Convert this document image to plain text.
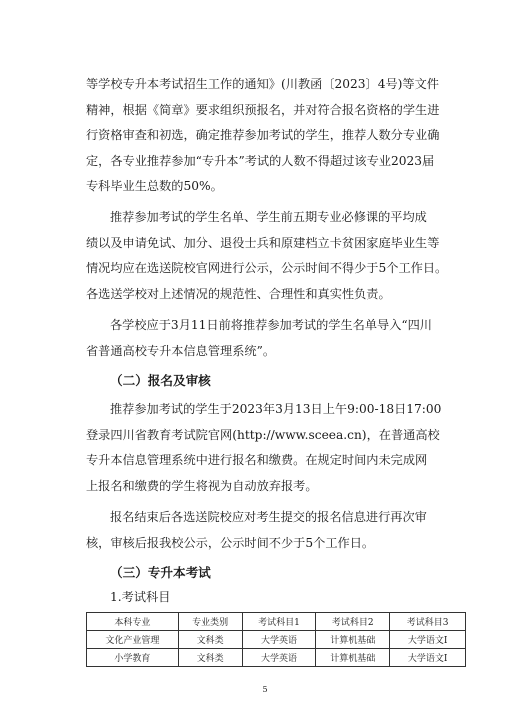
等学校专升本考试招生工作的通知》(川教函〔2023〕4号)等文件
精神，根据《简章》要求组织预报名，并对符合报名资格的学生进
行资格审查和初选，确定推荐参加考试的学生，推荐人数分专业确
定，各专业推荐参加“专升本”考试的人数不得超过该专业2023届
专科毕业生总数的50%。
推荐参加考试的学生名单、学生前五期专业必修课的平均成
绩以及申请免试、加分、退役士兵和原建档立卡贫困家庭毕业生等
情况均应在选送院校官网进行公示，公示时间不得少于5个工作日。
各选送学校对上述情况的规范性、合理性和真实性负责。
各学校应于3月11日前将推荐参加考试的学生名单导入“四川
省普通高校专升本信息管理系统”。
（二）报名及审核
推荐参加考试的学生于2023年3月13日上午9:00-18日17:00
登录四川省教育考试院官网(http://www.sceea.cn)，在普通高校
专升本信息管理系统中进行报名和缴费。在规定时间内未完成网
上报名和缴费的学生将视为自动放弃报考。
报名结束后各选送院校应对考生提交的报名信息进行再次审
核，审核后报我校公示，公示时间不少于5个工作日。
（三）专升本考试
1.考试科目
本科专业	专业类别	考试科目1	考试科目2	考试科目3
文化产业管理	文科类	大学英语	计算机基础	大学语文Ⅰ
小学教育	文科类	大学英语	计算机基础	大学语文Ⅰ
5
